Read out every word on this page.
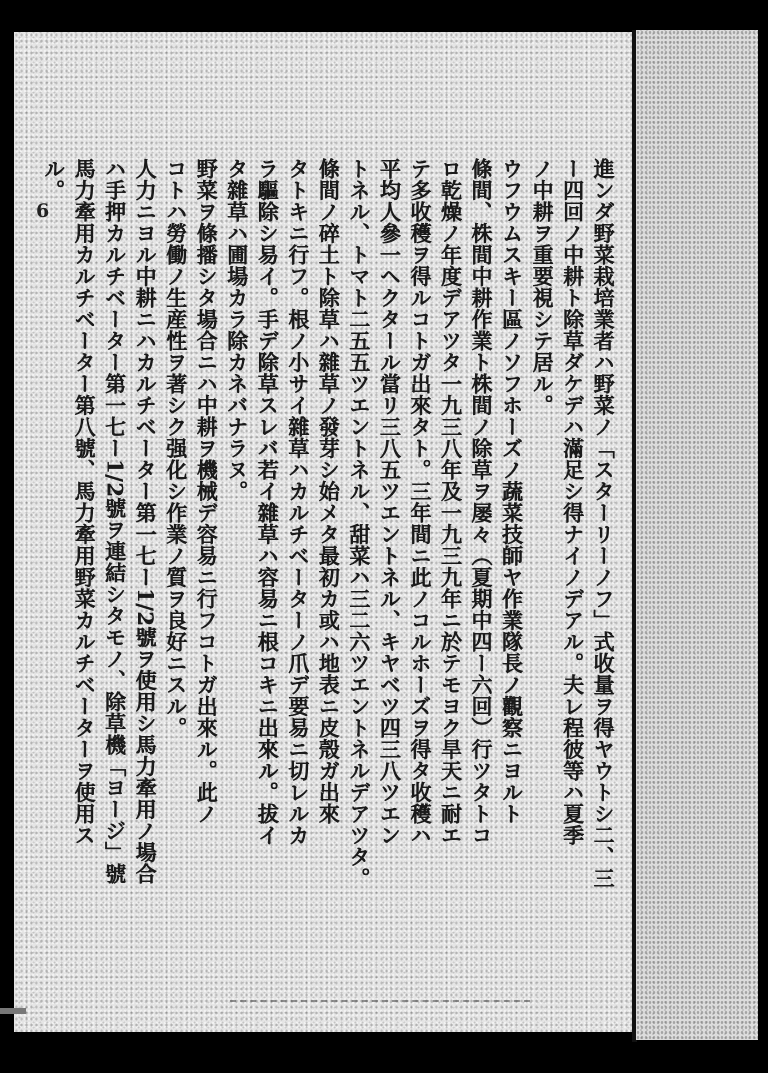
進ンダ野菜栽培業者ハ野菜ノ「スターリーノフ」式收量ヲ得ヤウトシ二、三
ー四回ノ中耕ト除草ダケデハ滿足シ得ナイノデアル。夫レ程彼等ハ夏季
ノ中耕ヲ重要視シテ居ル。
ウフウムスキー區ノソフホーズノ蔬菜技師ヤ作業隊長ノ觀察ニヨルト
條間、株間中耕作業ト株間ノ除草ヲ屡々（夏期中四ー六回）行ツタトコ
ロ乾燥ノ年度デアツタ一九三八年及一九三九年ニ於テモヨク旱天ニ耐エ
テ多收穫ヲ得ルコトガ出來タト。三年間ニ此ノコルホーズヲ得タ收穫ハ
平均人參一ヘクタール當リ三八五ツエントネル、キヤベツ四三八ツエン
トネル、トマト二五五ツエントネル、甜菜ハ三二六ツエントネルデアツタ。
條間ノ碎土ト除草ハ雜草ノ發芽シ始メタ最初カ或ハ地表ニ皮殼ガ出來
タトキニ行フ。根ノ小サイ雜草ハカルチベーターノ爪デ要易ニ切レルカ
ラ驅除シ易イ。手デ除草スレバ若イ雜草ハ容易ニ根コキニ出來ル。拔イ
タ雜草ハ圃場カラ除カネバナラヌ。
野菜ヲ條播シタ場合ニハ中耕ヲ機械デ容易ニ行フコトガ出來ル。此ノ
コトハ勞働ノ生産性ヲ著シク强化シ作業ノ質ヲ良好ニスル。
人力ニヨル中耕ニハカルチベーター第一七ー1/2號ヲ使用シ馬力牽用ノ場合
ハ手押カルチベーター第一七ー1/2號ヲ連結シタモノ、除草機「ヨージ」號
馬力牽用カルチベーター第八號、馬力牽用野菜カルチベーターヲ使用ス
ル。
6
